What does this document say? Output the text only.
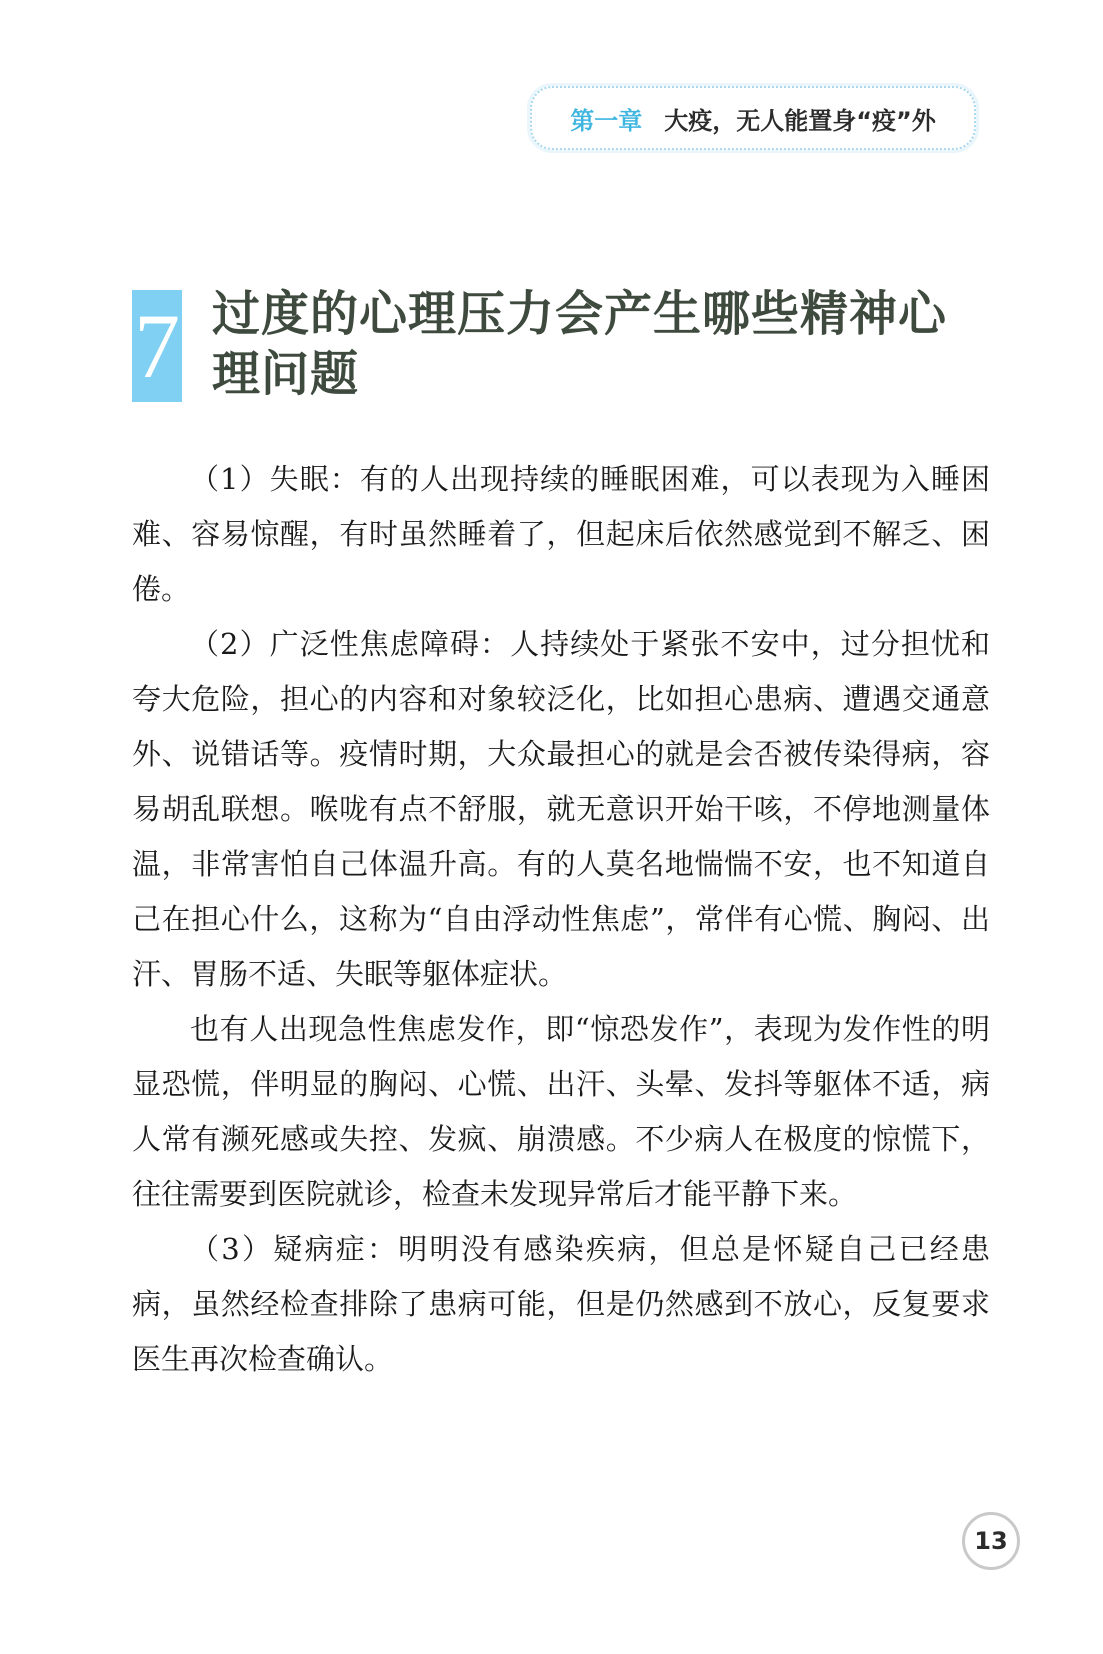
第一章 大疫，无人能置身“疫”外
7 过度的心理压力会产生哪些精神心理问题

（1）失眠：有的人出现持续的睡眠困难，可以表现为入睡困难、容易惊醒，有时虽然睡着了，但起床后依然感觉到不解乏、困倦。

（2）广泛性焦虑障碍：人持续处于紧张不安中，过分担忧和夸大危险，担心的内容和对象较泛化，比如担心患病、遭遇交通意外、说错话等。疫情时期，大众最担心的就是会否被传染得病，容易胡乱联想。喉咙有点不舒服，就无意识开始干咳，不停地测量体温，非常害怕自己体温升高。有的人莫名地惴惴不安，也不知道自己在担心什么，这称为“自由浮动性焦虑”，常伴有心慌、胸闷、出汗、胃肠不适、失眠等躯体症状。

也有人出现急性焦虑发作，即“惊恐发作”，表现为发作性的明显恐慌，伴明显的胸闷、心慌、出汗、头晕、发抖等躯体不适，病人常有濒死感或失控、发疯、崩溃感。不少病人在极度的惊慌下，往往需要到医院就诊，检查未发现异常后才能平静下来。

（3）疑病症：明明没有感染疾病，但总是怀疑自己已经患病，虽然经检查排除了患病可能，但是仍然感到不放心，反复要求医生再次检查确认。

13
